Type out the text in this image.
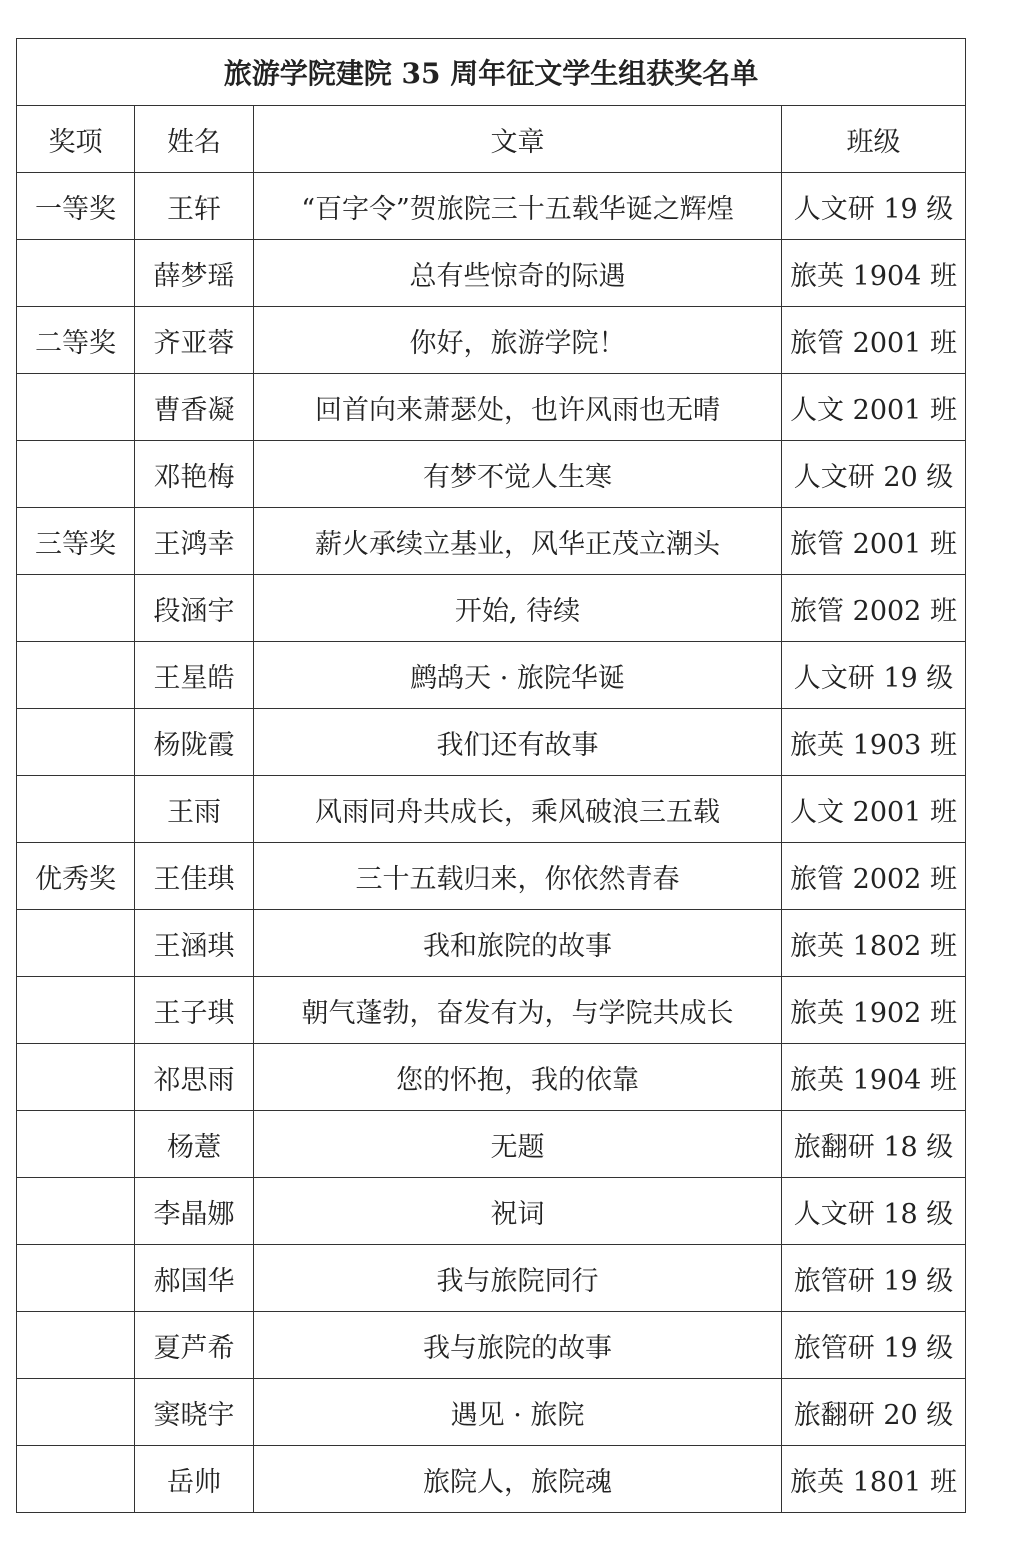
旅游学院建院 35 周年征文学生组获奖名单			
奖项	姓名	文章	班级
一等奖	王轩	“百字令”贺旅院三十五载华诞之辉煌	人文研 19 级
	薛梦瑶	总有些惊奇的际遇	旅英 1904 班
二等奖	齐亚蓉	你好，旅游学院！	旅管 2001 班
	曹香凝	回首向来萧瑟处，也许风雨也无晴	人文 2001 班
	邓艳梅	有梦不觉人生寒	人文研 20 级
三等奖	王鸿幸	薪火承续立基业，风华正茂立潮头	旅管 2001 班
	段涵宇	开始, 待续	旅管 2002 班
	王星皓	鹧鸪天 · 旅院华诞	人文研 19 级
	杨陇霞	我们还有故事	旅英 1903 班
	王雨	风雨同舟共成长，乘风破浪三五载	人文 2001 班
优秀奖	王佳琪	三十五载归来，你依然青春	旅管 2002 班
	王涵琪	我和旅院的故事	旅英 1802 班
	王子琪	朝气蓬勃，奋发有为，与学院共成长	旅英 1902 班
	祁思雨	您的怀抱，我的依靠	旅英 1904 班
	杨薏	无题	旅翻研 18 级
	李晶娜	祝词	人文研 18 级
	郝国华	我与旅院同行	旅管研 19 级
	夏芦希	我与旅院的故事	旅管研 19 级
	窦晓宇	遇见 · 旅院	旅翻研 20 级
	岳帅	旅院人，旅院魂	旅英 1801 班
